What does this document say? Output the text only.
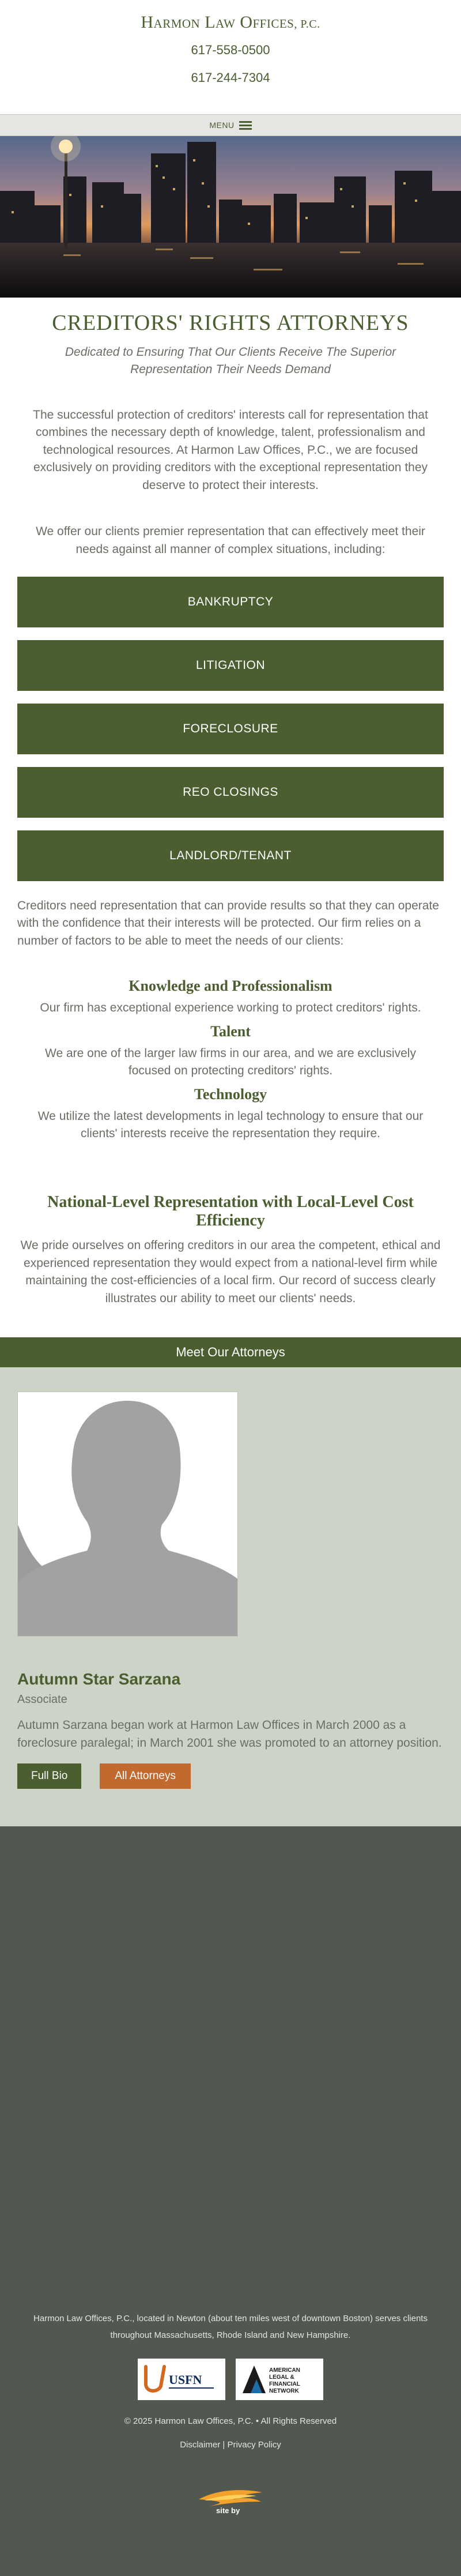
Harmon Law Offices, P.C.
617-558-0500
617-244-7304
MENU
CREDITORS' RIGHTS ATTORNEYS

Dedicated to Ensuring That Our Clients Receive The Superior Representation Their Needs Demand

The successful protection of creditors' interests call for representation that combines the necessary depth of knowledge, talent, professionalism and technological resources. At Harmon Law Offices, P.C., we are focused exclusively on providing creditors with the exceptional representation they deserve to protect their interests.

We offer our clients premier representation that can effectively meet their needs against all manner of complex situations, including:

BANKRUPTCY
LITIGATION
FORECLOSURE
REO CLOSINGS
LANDLORD/TENANT

Creditors need representation that can provide results so that they can operate with the confidence that their interests will be protected. Our firm relies on a number of factors to be able to meet the needs of our clients:

Knowledge and Professionalism

Our firm has exceptional experience working to protect creditors' rights.

Talent

We are one of the larger law firms in our area, and we are exclusively focused on protecting creditors' rights.

Technology

We utilize the latest developments in legal technology to ensure that our clients' interests receive the representation they require.

National-Level Representation with Local-Level Cost Efficiency

We pride ourselves on offering creditors in our area the competent, ethical and experienced representation they would expect from a national-level firm while maintaining the cost-efficiencies of a local firm. Our record of success clearly illustrates our ability to meet our clients' needs.

Meet Our Attorneys
Autumn Star Sarzana
Associate

Autumn Sarzana began work at Harmon Law Offices in March 2000 as a foreclosure paralegal; in March 2001 she was promoted to an attorney position.

Full Bio	All Attorneys

Harmon Law Offices, P.C., located in Newton (about ten miles west of downtown Boston) serves clients throughout Massachusetts, Rhode Island and New Hampshire.

USFN
AMERICAN
LEGAL &
FINANCIAL
NETWORK

© 2025 Harmon Law Offices, P.C. • All Rights Reserved

Disclaimer | Privacy Policy

site by
